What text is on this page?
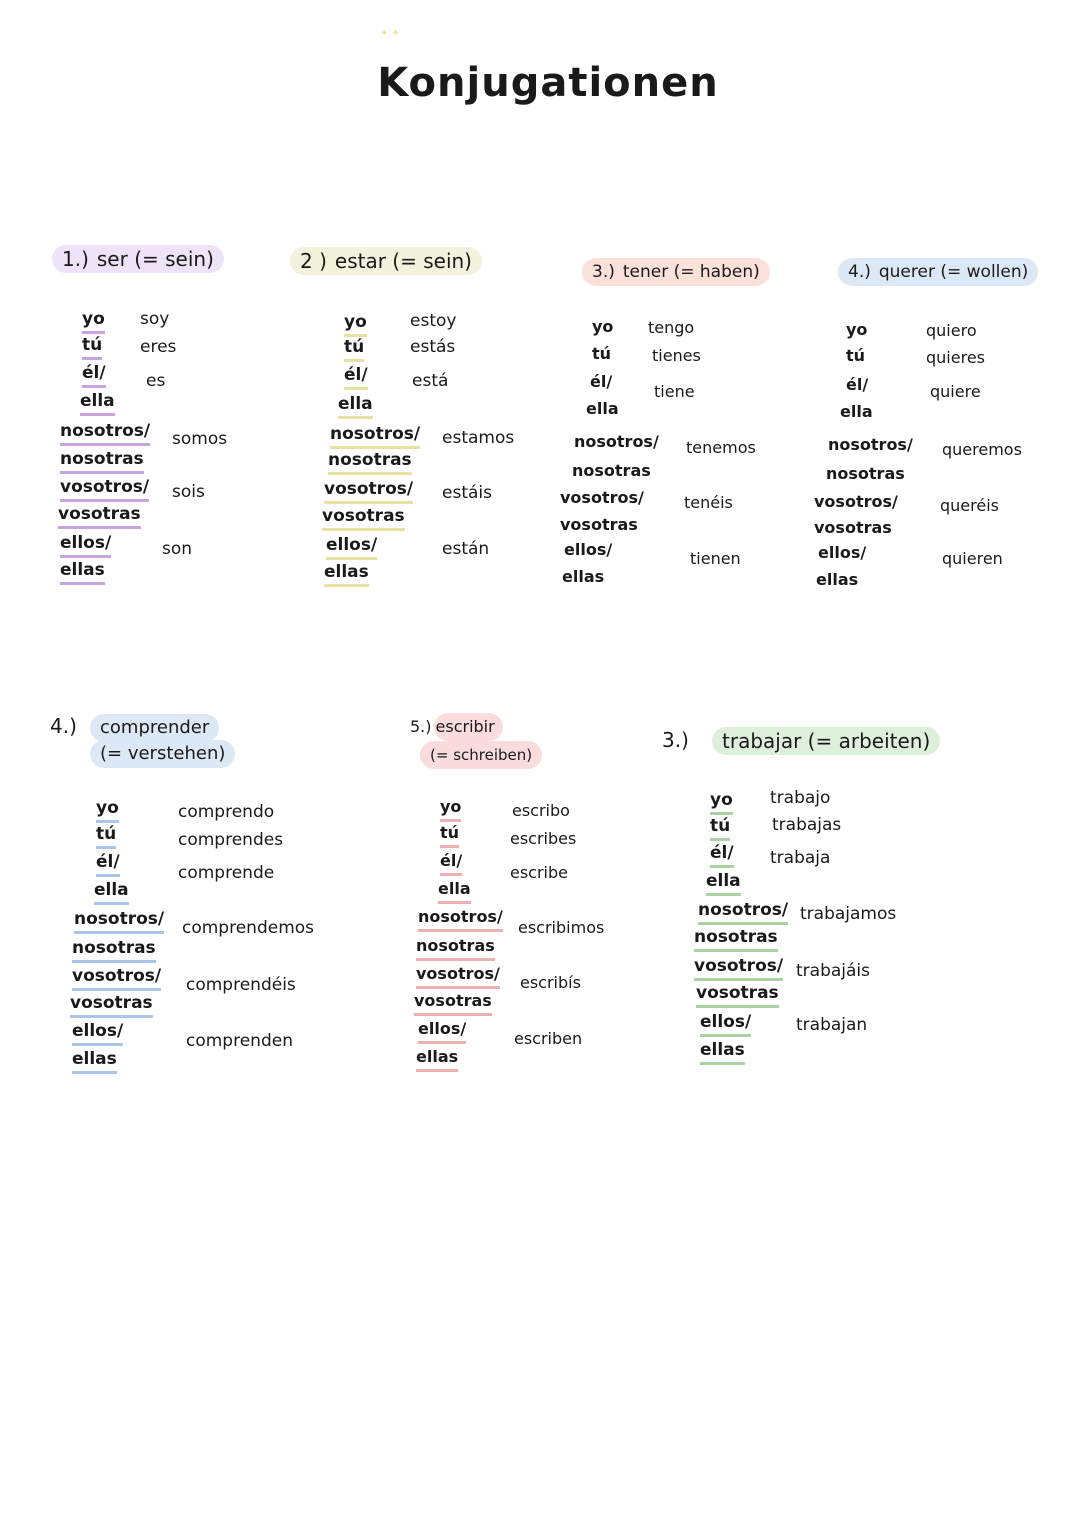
✦ ✦
Konjugationen
1.) ser (= sein)
yo
tú
él/
ella
nosotros/
nosotras
vosotros/
vosotras
ellos/
ellas
soy
eres
es
somos
sois
son
2 ) estar (= sein)
yo
tú
él/
ella
nosotros/
nosotras
vosotros/
vosotras
ellos/
ellas
estoy
estás
está
estamos
estáis
están
3.) tener (= haben)
yo
tú
él/
ella
nosotros/
nosotras
vosotros/
vosotras
ellos/
ellas
tengo
tienes
tiene
tenemos
tenéis
tienen
4.) querer (= wollen)
yo
tú
él/
ella
nosotros/
nosotras
vosotros/
vosotras
ellos/
ellas
quiero
quieres
quiere
queremos
queréis
quieren
4.)	comprender
(= verstehen)
yo
tú
él/
ella
nosotros/
nosotras
vosotros/
vosotras
ellos/
ellas
comprendo
comprendes
comprende
comprendemos
comprendéis
comprenden
5.) escribir
(= schreiben)
yo
tú
él/
ella
nosotros/
nosotras
vosotros/
vosotras
ellos/
ellas
escribo
escribes
escribe
escribimos
escribís
escriben
3.)	trabajar (= arbeiten)
yo
tú
él/
ella
nosotros/
nosotras
vosotros/
vosotras
ellos/
ellas
trabajo
trabajas
trabaja
trabajamos
trabajáis
trabajan
